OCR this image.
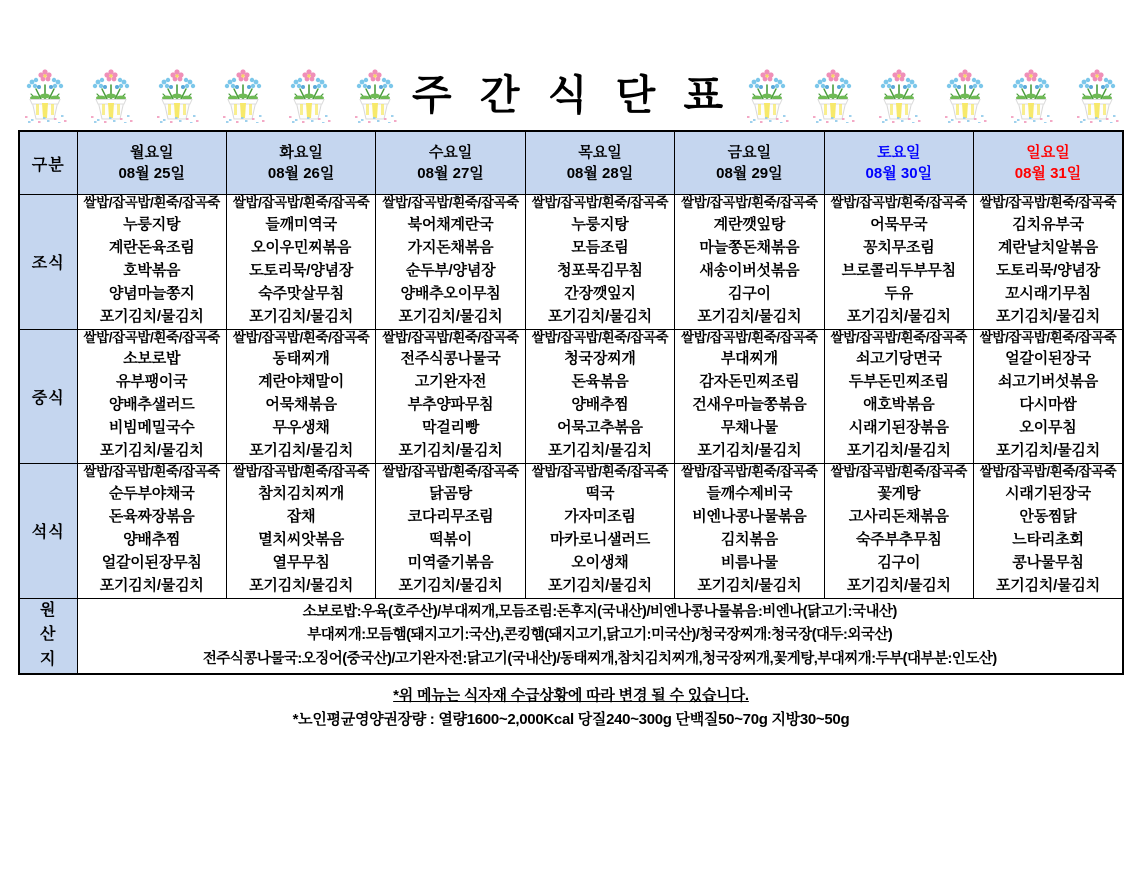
주 간 식 단 표
구분	
월요일
08월 25일

화요일
08월 26일

수요일
08월 27일

목요일
08월 28일

금요일
08월 29일

토요일
08월 30일

일요일
08월 31일

조식	
쌀밥/잡곡밥/흰죽/잡곡죽
누룽지탕
계란돈육조림
호박볶음
양념마늘쫑지
포기김치/물김치

쌀밥/잡곡밥/흰죽/잡곡죽
들깨미역국
오이우민찌볶음
도토리묵/양념장
숙주맛살무침
포기김치/물김치

쌀밥/잡곡밥/흰죽/잡곡죽
북어채계란국
가지돈채볶음
순두부/양념장
양배추오이무침
포기김치/물김치

쌀밥/잡곡밥/흰죽/잡곡죽
누룽지탕
모듬조림
청포묵김무침
간장깻잎지
포기김치/물김치

쌀밥/잡곡밥/흰죽/잡곡죽
계란깻잎탕
마늘쫑돈채볶음
새송이버섯볶음
김구이
포기김치/물김치

쌀밥/잡곡밥/흰죽/잡곡죽
어묵무국
꽁치무조림
브로콜리두부무침
두유
포기김치/물김치

쌀밥/잡곡밥/흰죽/잡곡죽
김치유부국
계란날치알볶음
도토리묵/양념장
꼬시래기무침
포기김치/물김치

중식	
쌀밥/잡곡밥/흰죽/잡곡죽
소보로밥
유부팽이국
양배추샐러드
비빔메밀국수
포기김치/물김치

쌀밥/잡곡밥/흰죽/잡곡죽
동태찌개
계란야채말이
어묵채볶음
무우생채
포기김치/물김치

쌀밥/잡곡밥/흰죽/잡곡죽
전주식콩나물국
고기완자전
부추양파무침
막걸리빵
포기김치/물김치

쌀밥/잡곡밥/흰죽/잡곡죽
청국장찌개
돈육볶음
양배추찜
어묵고추볶음
포기김치/물김치

쌀밥/잡곡밥/흰죽/잡곡죽
부대찌개
감자돈민찌조림
건새우마늘쫑볶음
무채나물
포기김치/물김치

쌀밥/잡곡밥/흰죽/잡곡죽
쇠고기당면국
두부돈민찌조림
애호박볶음
시래기된장볶음
포기김치/물김치

쌀밥/잡곡밥/흰죽/잡곡죽
얼갈이된장국
쇠고기버섯볶음
다시마쌈
오이무침
포기김치/물김치

석식	
쌀밥/잡곡밥/흰죽/잡곡죽
순두부야채국
돈육짜장볶음
양배추찜
얼갈이된장무침
포기김치/물김치

쌀밥/잡곡밥/흰죽/잡곡죽
참치김치찌개
잡채
멸치씨앗볶음
열무무침
포기김치/물김치

쌀밥/잡곡밥/흰죽/잡곡죽
닭곰탕
코다리무조림
떡볶이
미역줄기볶음
포기김치/물김치

쌀밥/잡곡밥/흰죽/잡곡죽
떡국
가자미조림
마카로니샐러드
오이생채
포기김치/물김치

쌀밥/잡곡밥/흰죽/잡곡죽
들깨수제비국
비엔나콩나물볶음
김치볶음
비름나물
포기김치/물김치

쌀밥/잡곡밥/흰죽/잡곡죽
꽃게탕
고사리돈채볶음
숙주부추무침
김구이
포기김치/물김치

쌀밥/잡곡밥/흰죽/잡곡죽
시래기된장국
안동찜닭
느타리초회
콩나물무침
포기김치/물김치

원
산
지

소보로밥:우육(호주산)/부대찌개,모듬조림:돈후지(국내산)/비엔나콩나물볶음:비엔나(닭고기:국내산)
부대찌개:모듬햄(돼지고기:국산),콘킹햄(돼지고기,닭고기:미국산)/청국장찌개:청국장(대두:외국산)
전주식콩나물국:오징어(중국산)/고기완자전:닭고기(국내산)/동태찌개,참치김치찌개,청국장찌개,꽃게탕,부대찌개:두부(대부분:인도산)
*위 메뉴는 식자재 수급상황에 따라 변경 될 수 있습니다.
*노인평균영양권장량 : 열량1600~2,000Kcal 당질240~300g 단백질50~70g 지방30~50g
